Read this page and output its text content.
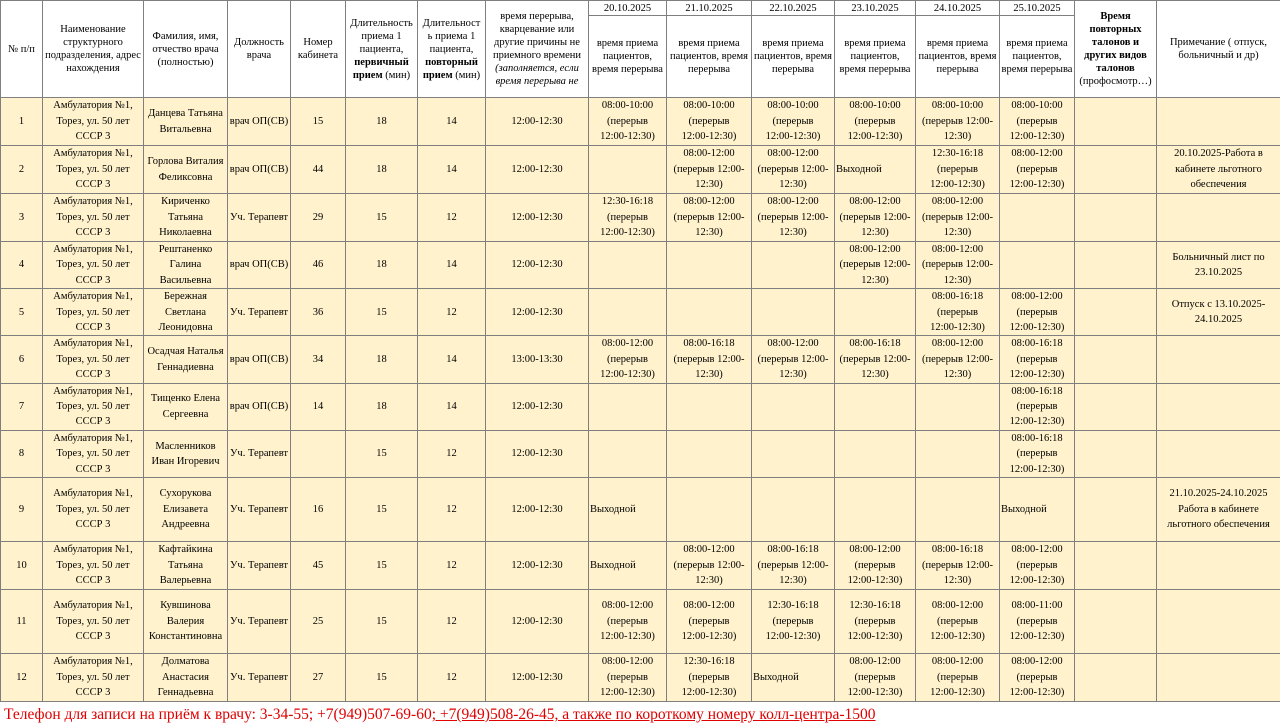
№ п/п	Наименование структурного подразделения, адрес нахождения	Фамилия, имя, отчество врача (полностью)	Должность врача	Номер кабинета	Длительность приема 1 пациента,
первичный прием (мин)	Длительност ь приема 1 пациента,
повторный прием (мин)	время перерыва, кварцевание или другие причины не приемного времени
(заполняется, если время перерыва не	20.10.2025	21.10.2025	22.10.2025	23.10.2025	24.10.2025	25.10.2025	Время повторных талонов и других видов талонов
(профосмотр…)	Примечание ( отпуск, больничный и др)
								время приема пациентов, время перерыва	время приема пациентов, время перерыва	время приема пациентов, время перерыва	время приема пациентов, время перерыва	время приема пациентов, время перерыва	время приема пациентов, время перерыва		
1	Амбулатория №1, Торез, ул. 50 лет СССР 3	Данцева Татьяна Витальевна	врач ОП(СВ)	15	18	14	12:00-12:30	08:00-10:00
(перерыв
12:00-12:30)	08:00-10:00
(перерыв
12:00-12:30)	08:00-10:00
(перерыв
12:00-12:30)	08:00-10:00
(перерыв
12:00-12:30)	08:00-10:00
(перерыв 12:00-
12:30)	08:00-10:00
(перерыв
12:00-12:30)		
2	Амбулатория №1, Торез, ул. 50 лет СССР 3	Горлова Виталия Феликсовна	врач ОП(СВ)	44	18	14	12:00-12:30		08:00-12:00
(перерыв 12:00-
12:30)	08:00-12:00
(перерыв 12:00-
12:30)	Выходной	12:30-16:18
(перерыв
12:00-12:30)	08:00-12:00
(перерыв
12:00-12:30)		20.10.2025-Работа в кабинете льготного обеспечения
3	Амбулатория №1, Торез, ул. 50 лет СССР 3	Кириченко Татьяна Николаевна	Уч. Терапевт	29	15	12	12:00-12:30	12:30-16:18
(перерыв
12:00-12:30)	08:00-12:00
(перерыв 12:00-
12:30)	08:00-12:00
(перерыв 12:00-
12:30)	08:00-12:00
(перерыв 12:00-
12:30)	08:00-12:00
(перерыв 12:00-
12:30)			
4	Амбулатория №1, Торез, ул. 50 лет СССР 3	Рештаненко Галина Васильевна	врач ОП(СВ)	46	18	14	12:00-12:30				08:00-12:00
(перерыв 12:00-
12:30)	08:00-12:00
(перерыв 12:00-
12:30)			Больничный лист по 23.10.2025
5	Амбулатория №1, Торез, ул. 50 лет СССР 3	Бережная Светлана Леонидовна	Уч. Терапевт	36	15	12	12:00-12:30					08:00-16:18
(перерыв
12:00-12:30)	08:00-12:00
(перерыв
12:00-12:30)		Отпуск с 13.10.2025-24.10.2025
6	Амбулатория №1, Торез, ул. 50 лет СССР 3	Осадчая Наталья Геннадиевна	врач ОП(СВ)	34	18	14	13:00-13:30	08:00-12:00
(перерыв
12:00-12:30)	08:00-16:18
(перерыв 12:00-
12:30)	08:00-12:00
(перерыв 12:00-
12:30)	08:00-16:18
(перерыв 12:00-
12:30)	08:00-12:00
(перерыв 12:00-
12:30)	08:00-16:18
(перерыв
12:00-12:30)		
7	Амбулатория №1, Торез, ул. 50 лет СССР 3	Тищенко Елена Сергеевна	врач ОП(СВ)	14	18	14	12:00-12:30						08:00-16:18
(перерыв
12:00-12:30)		
8	Амбулатория №1, Торез, ул. 50 лет СССР 3	Масленников Иван Игоревич	Уч. Терапевт		15	12	12:00-12:30						08:00-16:18
(перерыв
12:00-12:30)		
9	Амбулатория №1, Торез, ул. 50 лет СССР 3	Сухорукова Елизавета Андреевна	Уч. Терапевт	16	15	12	12:00-12:30	Выходной					Выходной		21.10.2025-24.10.2025 Работа в кабинете льготного обеспечения
10	Амбулатория №1, Торез, ул. 50 лет СССР 3	Кафтайкина Татьяна Валерьевна	Уч. Терапевт	45	15	12	12:00-12:30	Выходной	08:00-12:00
(перерыв 12:00-
12:30)	08:00-16:18
(перерыв 12:00-
12:30)	08:00-12:00
(перерыв
12:00-12:30)	08:00-16:18
(перерыв 12:00-
12:30)	08:00-12:00
(перерыв
12:00-12:30)		
11	Амбулатория №1, Торез, ул. 50 лет СССР 3	Кувшинова Валерия Константиновна	Уч. Терапевт	25	15	12	12:00-12:30	08:00-12:00
(перерыв
12:00-12:30)	08:00-12:00
(перерыв
12:00-12:30)	12:30-16:18
(перерыв
12:00-12:30)	12:30-16:18
(перерыв
12:00-12:30)	08:00-12:00
(перерыв
12:00-12:30)	08:00-11:00
(перерыв
12:00-12:30)		
12	Амбулатория №1, Торез, ул. 50 лет СССР 3	Долматова Анастасия Геннадьевна	Уч. Терапевт	27	15	12	12:00-12:30	08:00-12:00
(перерыв
12:00-12:30)	12:30-16:18
(перерыв
12:00-12:30)	Выходной	08:00-12:00
(перерыв
12:00-12:30)	08:00-12:00
(перерыв
12:00-12:30)	08:00-12:00
(перерыв
12:00-12:30)		
Телефон для записи на приём к врачу: 3-34-55; +7(949)507-69-60; +7(949)508-26-45, а также по короткому номеру колл-центра-1500
